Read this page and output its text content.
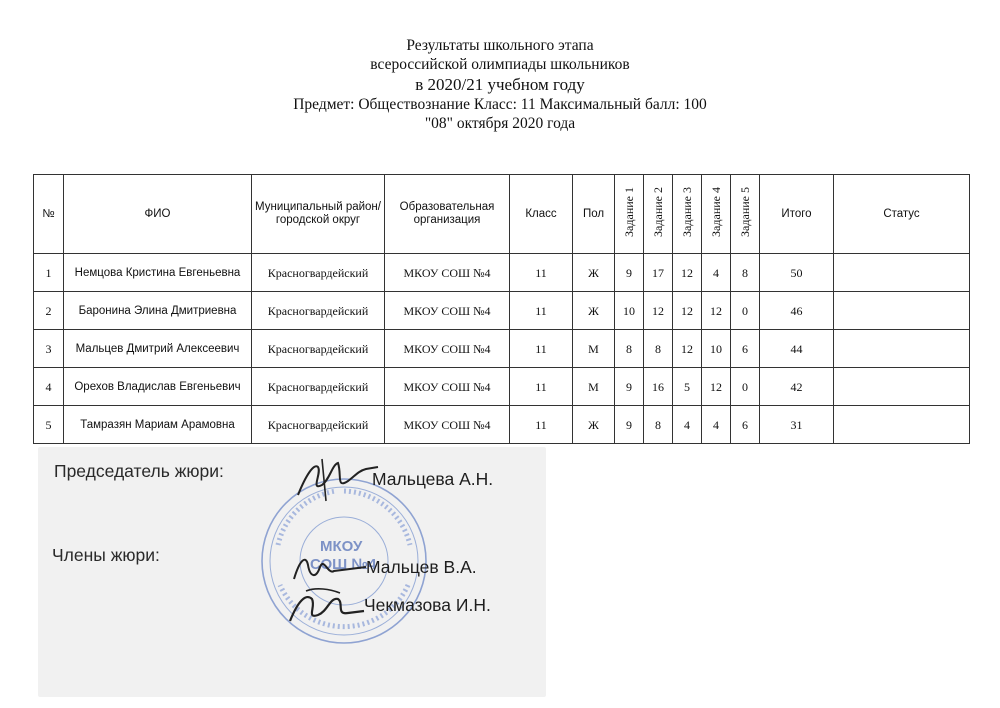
Результаты школьного этапа
всероссийской олимпиады школьников
в 2020/21 учебном году
Предмет: Обществознание Класс: 11 Максимальный балл: 100
"08" октября 2020 года
№	ФИО	Муниципальный район/городской округ	Образовательная организация	Класс	Пол	Задание 1	Задание 2	Задание 3	Задание 4	Задание 5	Итого	Статус
1	Немцова Кристина Евгеньевна	Красногвардейский	МКОУ СОШ №4	11	Ж	9	17	12	4	8	50	
2	Баронина Элина Дмитриевна	Красногвардейский	МКОУ СОШ №4	11	Ж	10	12	12	12	0	46	
3	Мальцев Дмитрий Алексеевич	Красногвардейский	МКОУ СОШ №4	11	М	8	8	12	10	6	44	
4	Орехов Владислав Евгеньевич	Красногвардейский	МКОУ СОШ №4	11	М	9	16	5	12	0	42	
5	Тамразян Мариам Арамовна	Красногвардейский	МКОУ СОШ №4	11	Ж	9	8	4	4	6	31	
МКОУ
СОШ №4
Председатель жюри:	Мальцева А.Н.
Члены жюри:
Мальцев В.А.
Чекмазова И.Н.
